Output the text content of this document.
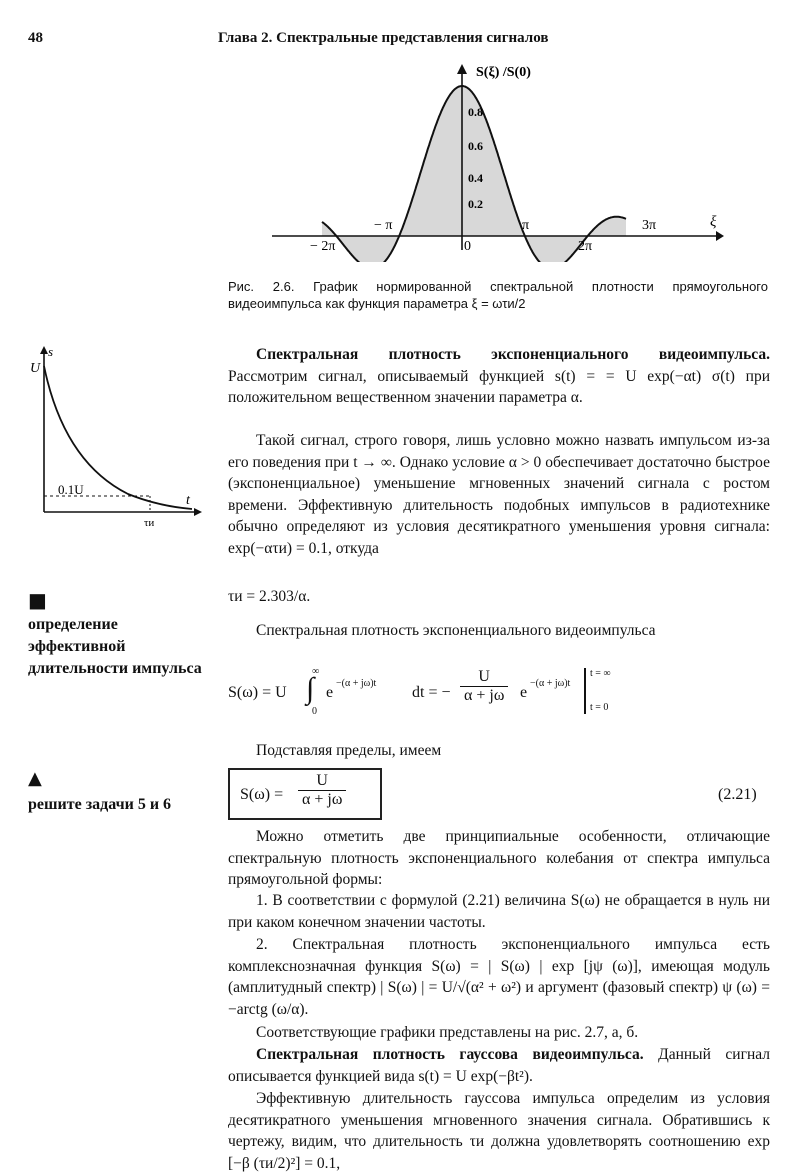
48	Глава 2. Спектральные представления сигналов
S(ξ) /S(0)
ξ
0.8
0.6
0.4
0.2
− π	π	3π
− 2π	0	2π
Рис. 2.6. График нормированной спектральной плотности прямоугольного видеоимпульса как функция параметра ξ = ωτи/2
s
U
t
0.1U
τи
■
определение эффективной длительности импульса
▲
решите задачи 5 и 6

Спектральная плотность экспоненциального видеоимпульса. Рассмотрим сигнал, описываемый функцией s(t) = = U exp(−αt) σ(t) при положительном вещественном значении параметра α.

Такой сигнал, строго говоря, лишь условно можно назвать импульсом из-за его поведения при t → ∞. Однако условие α > 0 обеспечивает достаточно быстрое (экспоненциальное) уменьшение мгновенных значений сигнала с ростом времени. Эффективную длительность подобных импульсов в радиотехнике обычно определяют из условия десятикратного уменьшения уровня сигнала: exp(−ατи) = 0.1, откуда

τи = 2.303/α.

Спектральная плотность экспоненциального видеоимпульса

S(ω) = U ∫
∞
0
e
−(α + jω)t
dt = − $\frac{U}{\alpha + j\omega}$ e
−(α + jω)t
t = ∞
t = 0

Подставляя пределы, имеем

$S(\omega) = \frac{U}{\alpha + j\omega}$	(2.21)

Можно отметить две принципиальные особенности, отличающие спектральную плотность экспоненциального колебания от спектра импульса прямоугольной формы:

1. В соответствии с формулой (2.21) величина S(ω) не обращается в нуль ни при каком конечном значении частоты.

2. Спектральная плотность экспоненциального импульса есть комплекснозначная функция S(ω) = | S(ω) | exp [jψ (ω)], имеющая модуль (амплитудный спектр) | S(ω) | = U/√(α² + ω²) и аргумент (фазовый спектр) ψ (ω) = −arctg (ω/α).

Соответствующие графики представлены на рис. 2.7, а, б.

Спектральная плотность гауссова видеоимпульса. Данный сигнал описывается функцией вида s(t) = U exp(−βt²).

Эффективную длительность гауссова импульса определим из условия десятикратного уменьшения мгновенного значения сигнала. Обратившись к чертежу, видим, что длительность τи должна удовлетворять соотношению exp [−β (τи/2)²] = 0.1,
